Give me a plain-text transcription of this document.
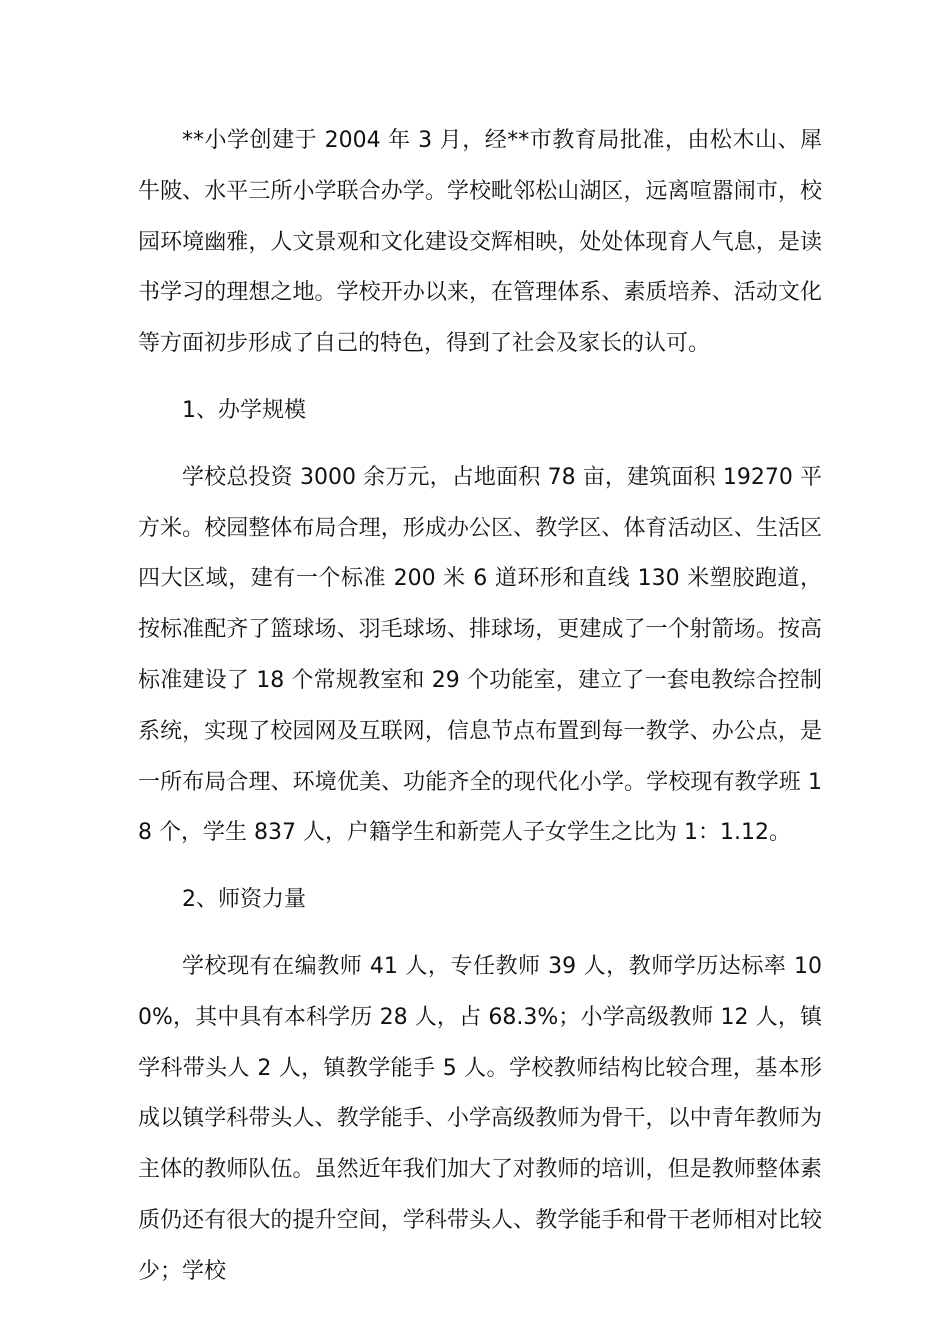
**小学创建于 2004 年 3 月，经**市教育局批准，由松木山、犀牛陂、水平三所小学联合办学。学校毗邻松山湖区，远离喧嚣闹市，校园环境幽雅，人文景观和文化建设交辉相映，处处体现育人气息，是读书学习的理想之地。学校开办以来，在管理体系、素质培养、活动文化等方面初步形成了自己的特色，得到了社会及家长的认可。

1、办学规模

学校总投资 3000 余万元，占地面积 78 亩，建筑面积 19270 平方米。校园整体布局合理，形成办公区、教学区、体育活动区、生活区四大区域，建有一个标准 200 米 6 道环形和直线 130 米塑胶跑道，按标准配齐了篮球场、羽毛球场、排球场，更建成了一个射箭场。按高标准建设了 18 个常规教室和 29 个功能室，建立了一套电教综合控制系统，实现了校园网及互联网，信息节点布置到每一教学、办公点，是一所布局合理、环境优美、功能齐全的现代化小学。学校现有教学班 18 个，学生 837 人，户籍学生和新莞人子女学生之比为 1：1.12。

2、师资力量

学校现有在编教师 41 人，专任教师 39 人，教师学历达标率 100%，其中具有本科学历 28 人，占 68.3%；小学高级教师 12 人，镇学科带头人 2 人，镇教学能手 5 人。学校教师结构比较合理，基本形成以镇学科带头人、教学能手、小学高级教师为骨干，以中青年教师为主体的教师队伍。虽然近年我们加大了对教师的培训，但是教师整体素质仍还有很大的提升空间，学科带头人、教学能手和骨干老师相对比较少；学校
